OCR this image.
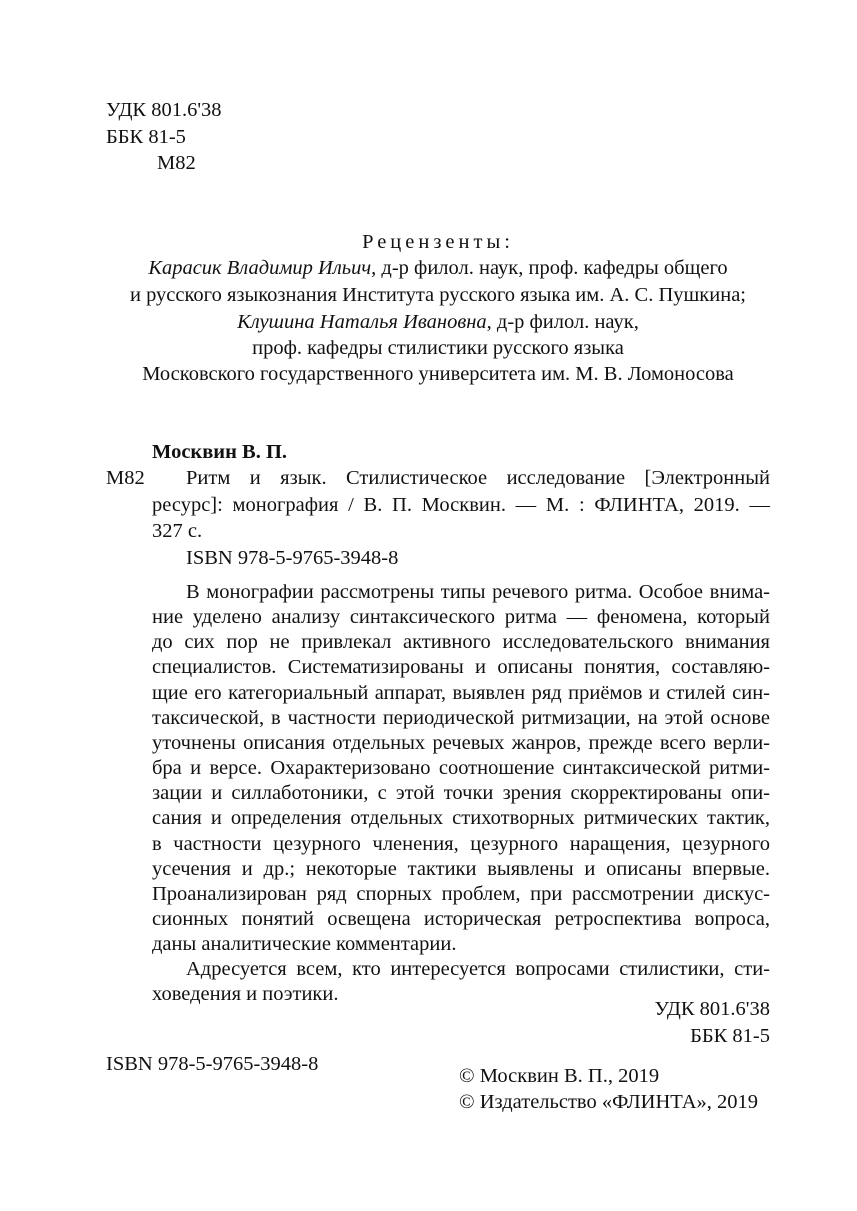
УДК 801.6'38
ББК 81-5
М82
Рецензенты:
Карасик Владимир Ильич, д-р филол. наук, проф. кафедры общего
и русского языкознания Института русского языка им. А. С. Пушкина;
Клушина Наталья Ивановна, д-р филол. наук,
проф. кафедры стилистики русского языка
Московского государственного университета им. М. В. Ломоносова
Москвин В. П.
М82 Ритм и язык. Стилистическое исследование [Электронный
ресурс]: монография / В. П. Москвин. — М. : ФЛИНТА, 2019. —
327 с.
ISBN 978-5-9765-3948-8
В монографии рассмотрены типы речевого ритма. Особое внима-
ние уделено анализу синтаксического ритма — феномена, который
до сих пор не привлекал активного исследовательского внимания
специалистов. Систематизированы и описаны понятия, составляю-
щие его категориальный аппарат, выявлен ряд приёмов и стилей син-
таксической, в частности периодической ритмизации, на этой основе
уточнены описания отдельных речевых жанров, прежде всего верли-
бра и версе. Охарактеризовано соотношение синтаксической ритми-
зации и силлаботоники, с этой точки зрения скорректированы опи-
сания и определения отдельных стихотворных ритмических тактик,
в частности цезурного членения, цезурного наращения, цезурного
усечения и др.; некоторые тактики выявлены и описаны впервые.
Проанализирован ряд спорных проблем, при рассмотрении дискус-
сионных понятий освещена историческая ретроспектива вопроса,
даны аналитические комментарии.
Адресуется всем, кто интересуется вопросами стилистики, сти-
ховедения и поэтики.
УДК 801.6'38
ББК 81-5
ISBN 978-5-9765-3948-8
© Москвин В. П., 2019
© Издательство «ФЛИНТА», 2019
